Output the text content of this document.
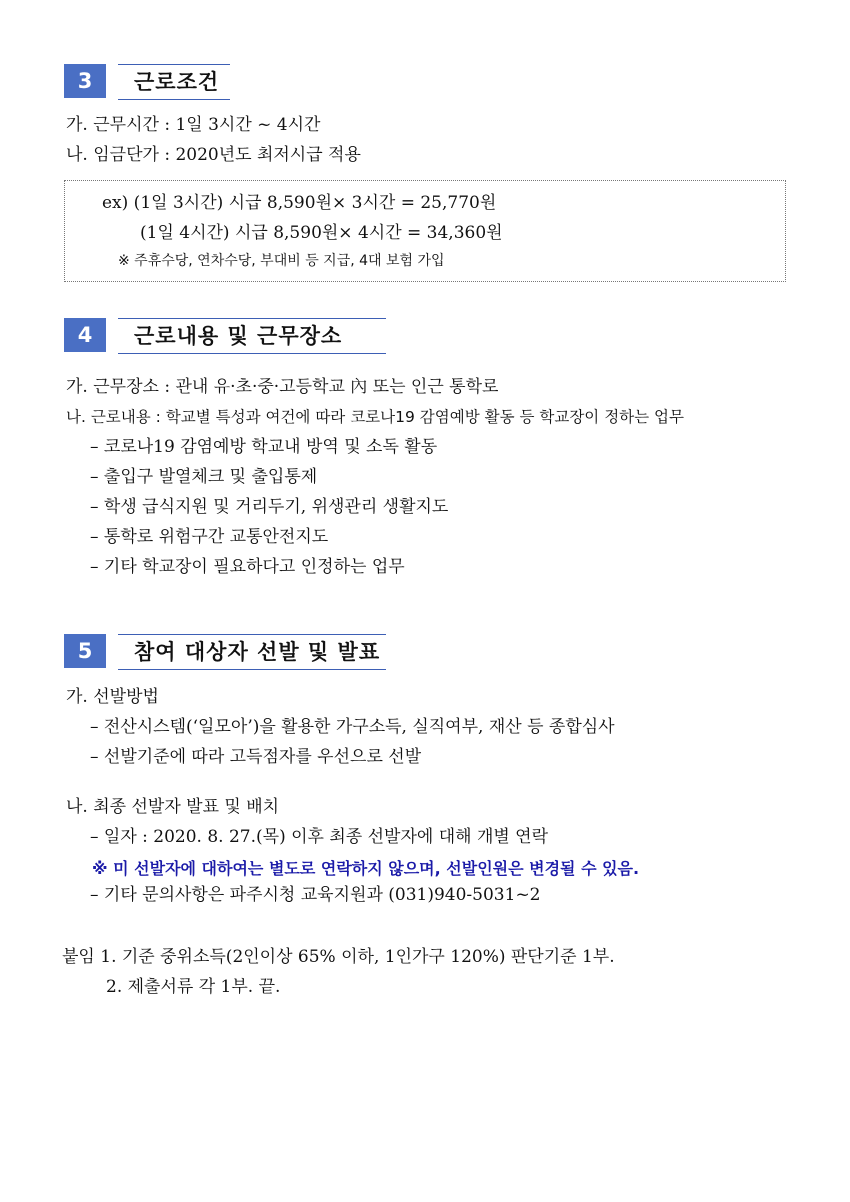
3	근로조건
가. 근무시간 : 1일 3시간 ~ 4시간
나. 임금단가 : 2020년도 최저시급 적용
ex) (1일 3시간) 시급 8,590원× 3시간 = 25,770원
(1일 4시간) 시급 8,590원× 4시간 = 34,360원
※ 주휴수당, 연차수당, 부대비 등 지급, 4대 보험 가입
4	근로내용 및 근무장소
가. 근무장소 : 관내 유·초·중·고등학교 內 또는 인근 통학로
나. 근로내용 : 학교별 특성과 여건에 따라 코로나19 감염예방 활동 등 학교장이 정하는 업무
– 코로나19 감염예방 학교내 방역 및 소독 활동
– 출입구 발열체크 및 출입통제
– 학생 급식지원 및 거리두기, 위생관리 생활지도
– 통학로 위험구간 교통안전지도
– 기타 학교장이 필요하다고 인정하는 업무
5	참여 대상자 선발 및 발표
가. 선발방법
– 전산시스템(‘일모아’)을 활용한 가구소득, 실직여부, 재산 등 종합심사
– 선발기준에 따라 고득점자를 우선으로 선발
나. 최종 선발자 발표 및 배치
– 일자 : 2020. 8. 27.(목) 이후 최종 선발자에 대해 개별 연락
※ 미 선발자에 대하여는 별도로 연락하지 않으며, 선발인원은 변경될 수 있음.
– 기타 문의사항은 파주시청 교육지원과 (031)940-5031~2
붙임 1. 기준 중위소득(2인이상 65% 이하, 1인가구 120%) 판단기준 1부.
2. 제출서류 각 1부. 끝.
